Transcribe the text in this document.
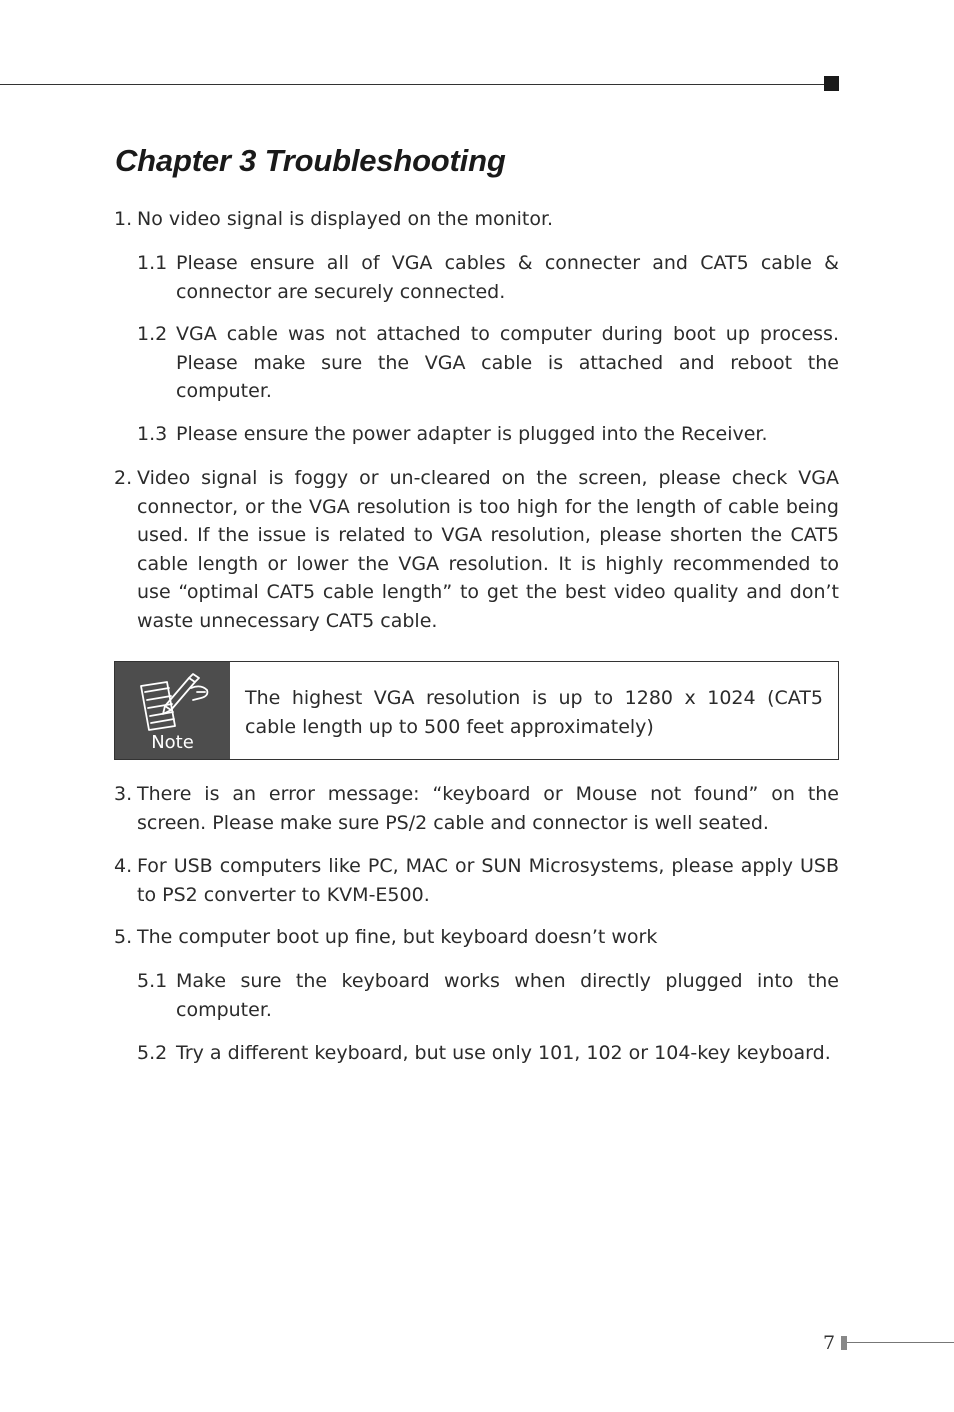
Chapter 3 Troubleshooting
1. No video signal is displayed on the monitor.
1.1 Please ensure all of VGA cables & connecter and CAT5 cable & connector are securely connected.
1.2 VGA cable was not attached to computer during boot up process. Please make sure the VGA cable is attached and reboot the computer.
1.3 Please ensure the power adapter is plugged into the Receiver.
2. Video signal is foggy or un-cleared on the screen, please check VGA connector, or the VGA resolution is too high for the length of cable being used. If the issue is related to VGA resolution, please shorten the CAT5 cable length or lower the VGA resolution. It is highly recommended to use “optimal CAT5 cable length” to get the best video quality and don’t waste unnecessary CAT5 cable.
Note
The highest VGA resolution is up to 1280 x 1024 (CAT5 cable length up to 500 feet approximately)
3. There is an error message: “keyboard or Mouse not found” on the screen. Please make sure PS/2 cable and connector is well seated.
4. For USB computers like PC, MAC or SUN Microsystems, please apply USB to PS2 converter to KVM-E500.
5. The computer boot up fine, but keyboard doesn’t work
5.1 Make sure the keyboard works when directly plugged into the computer.
5.2 Try a different keyboard, but use only 101, 102 or 104-key keyboard.
7
